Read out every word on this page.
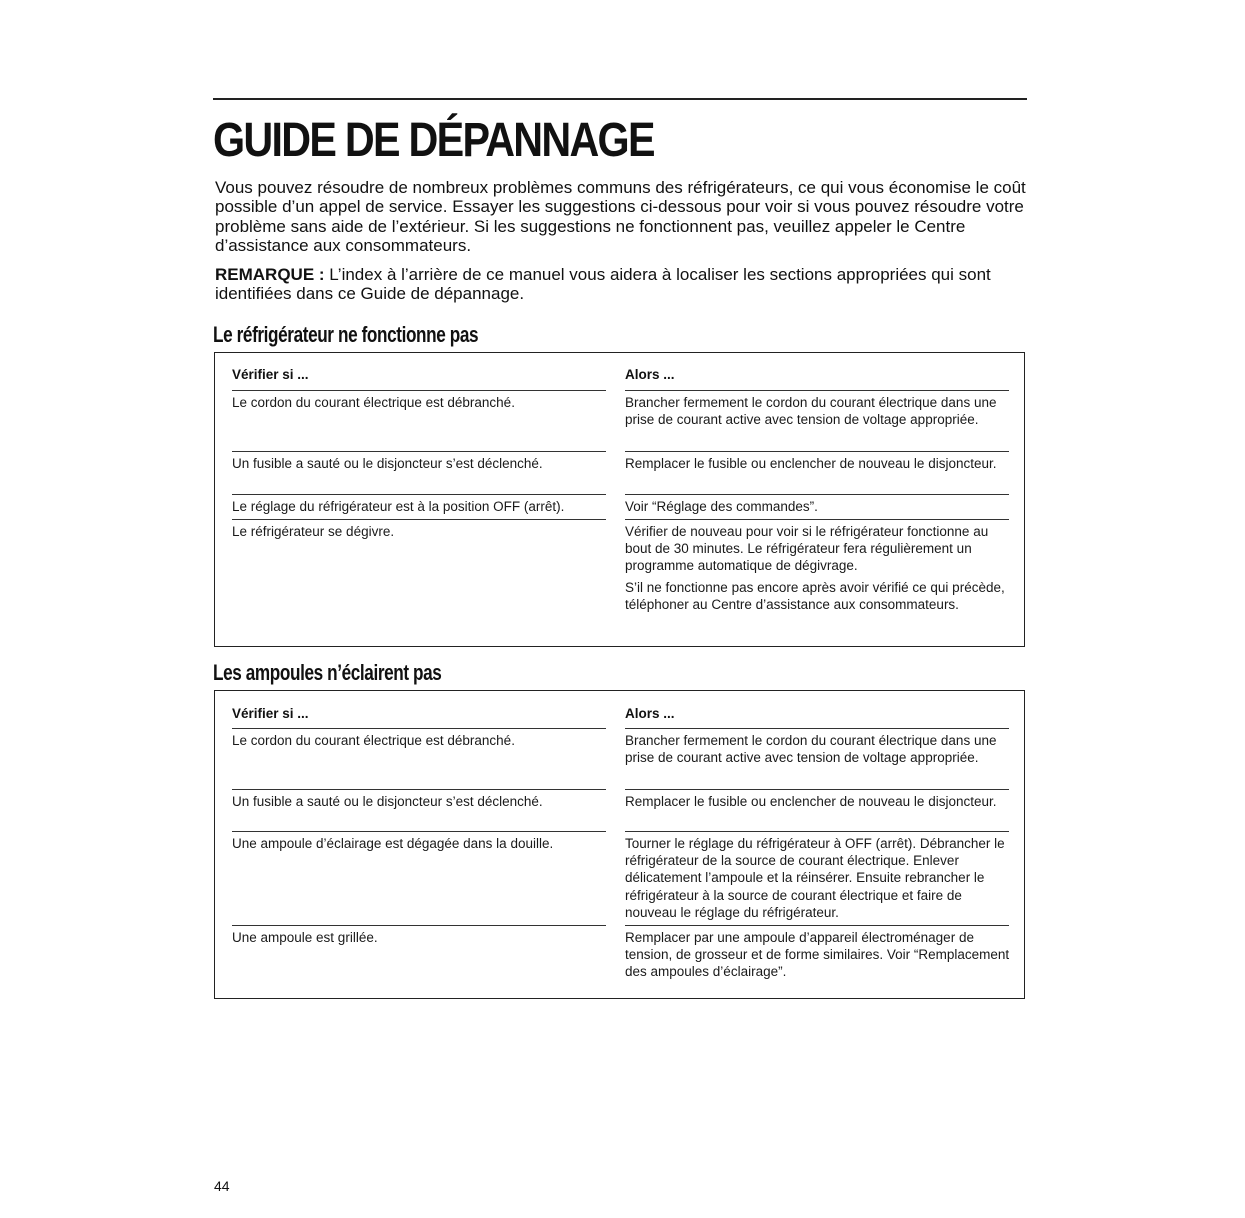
GUIDE DE DÉPANNAGE

Vous pouvez résoudre de nombreux problèmes communs des réfrigérateurs, ce qui vous économise le coût possible d’un appel de service. Essayer les suggestions ci-dessous pour voir si vous pouvez résoudre votre problème sans aide de l’extérieur. Si les suggestions ne fonctionnent pas, veuillez appeler le Centre d’assistance aux consommateurs.

REMARQUE : L’index à l’arrière de ce manuel vous aidera à localiser les sections appropriées qui sont identifiées dans ce Guide de dépannage.

Le réfrigérateur ne fonctionne pas
Vérifier si ...	Alors ...
Le cordon du courant électrique est débranché.	Brancher fermement le cordon du courant électrique dans une prise de courant active avec tension de voltage appropriée.
Un fusible a sauté ou le disjoncteur s’est déclenché.	Remplacer le fusible ou enclencher de nouveau le disjoncteur.
Le réglage du réfrigérateur est à la position OFF (arrêt).	Voir “Réglage des commandes”.
Le réfrigérateur se dégivre.	Vérifier de nouveau pour voir si le réfrigérateur fonctionne au bout de 30 minutes. Le réfrigérateur fera régulièrement un programme automatique de dégivrage.

S’il ne fonctionne pas encore après avoir vérifié ce qui précède, téléphoner au Centre d’assistance aux consommateurs.

Les ampoules n’éclairent pas
Vérifier si ...	Alors ...
Le cordon du courant électrique est débranché.	Brancher fermement le cordon du courant électrique dans une prise de courant active avec tension de voltage appropriée.
Un fusible a sauté ou le disjoncteur s’est déclenché.	Remplacer le fusible ou enclencher de nouveau le disjoncteur.
Une ampoule d’éclairage est dégagée dans la douille.	Tourner le réglage du réfrigérateur à OFF (arrêt). Débrancher le réfrigérateur de la source de courant électrique. Enlever délicatement l’ampoule et la réinsérer. Ensuite rebrancher le réfrigérateur à la source de courant électrique et faire de nouveau le réglage du réfrigérateur.
Une ampoule est grillée.	Remplacer par une ampoule d’appareil électroménager de tension, de grosseur et de forme similaires. Voir “Remplacement des ampoules d’éclairage”.
44
